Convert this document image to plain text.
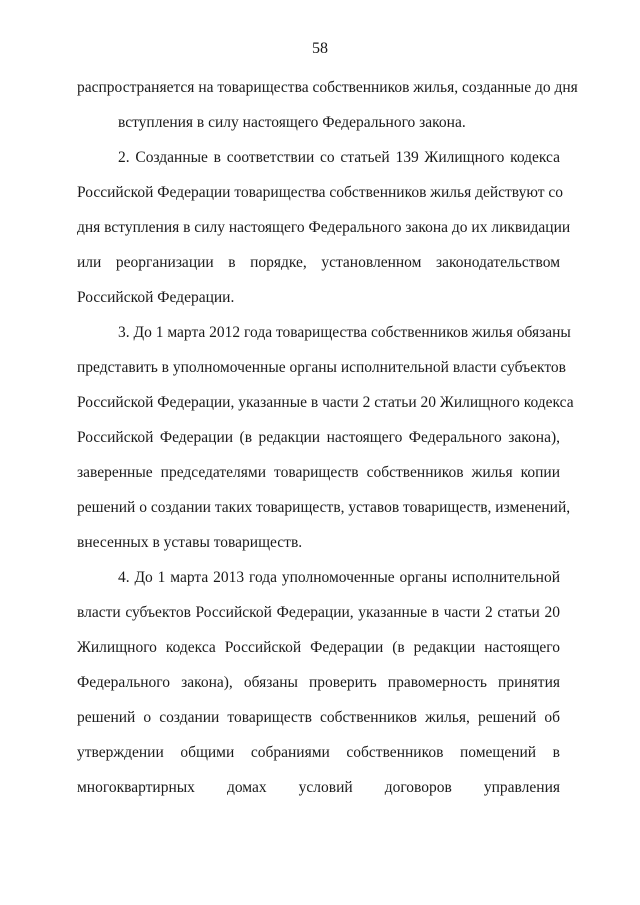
58
распространяется на товарищества собственников жилья, созданные до дня
вступления в силу настоящего Федерального закона.
2. Созданные в соответствии со статьей 139 Жилищного кодекса
Российской Федерации товарищества собственников жилья действуют со
дня вступления в силу настоящего Федерального закона до их ликвидации
или реорганизации в порядке, установленном законодательством
Российской Федерации.
3. До 1 марта 2012 года товарищества собственников жилья обязаны
представить в уполномоченные органы исполнительной власти субъектов
Российской Федерации, указанные в части 2 статьи 20 Жилищного кодекса
Российской Федерации (в редакции настоящего Федерального закона),
заверенные председателями товариществ собственников жилья копии
решений о создании таких товариществ, уставов товариществ, изменений,
внесенных в уставы товариществ.
4. До 1 марта 2013 года уполномоченные органы исполнительной
власти субъектов Российской Федерации, указанные в части 2 статьи 20
Жилищного кодекса Российской Федерации (в редакции настоящего
Федерального закона), обязаны проверить правомерность принятия
решений о создании товариществ собственников жилья, решений об
утверждении общими собраниями собственников помещений в
многоквартирных домах условий договоров управления
